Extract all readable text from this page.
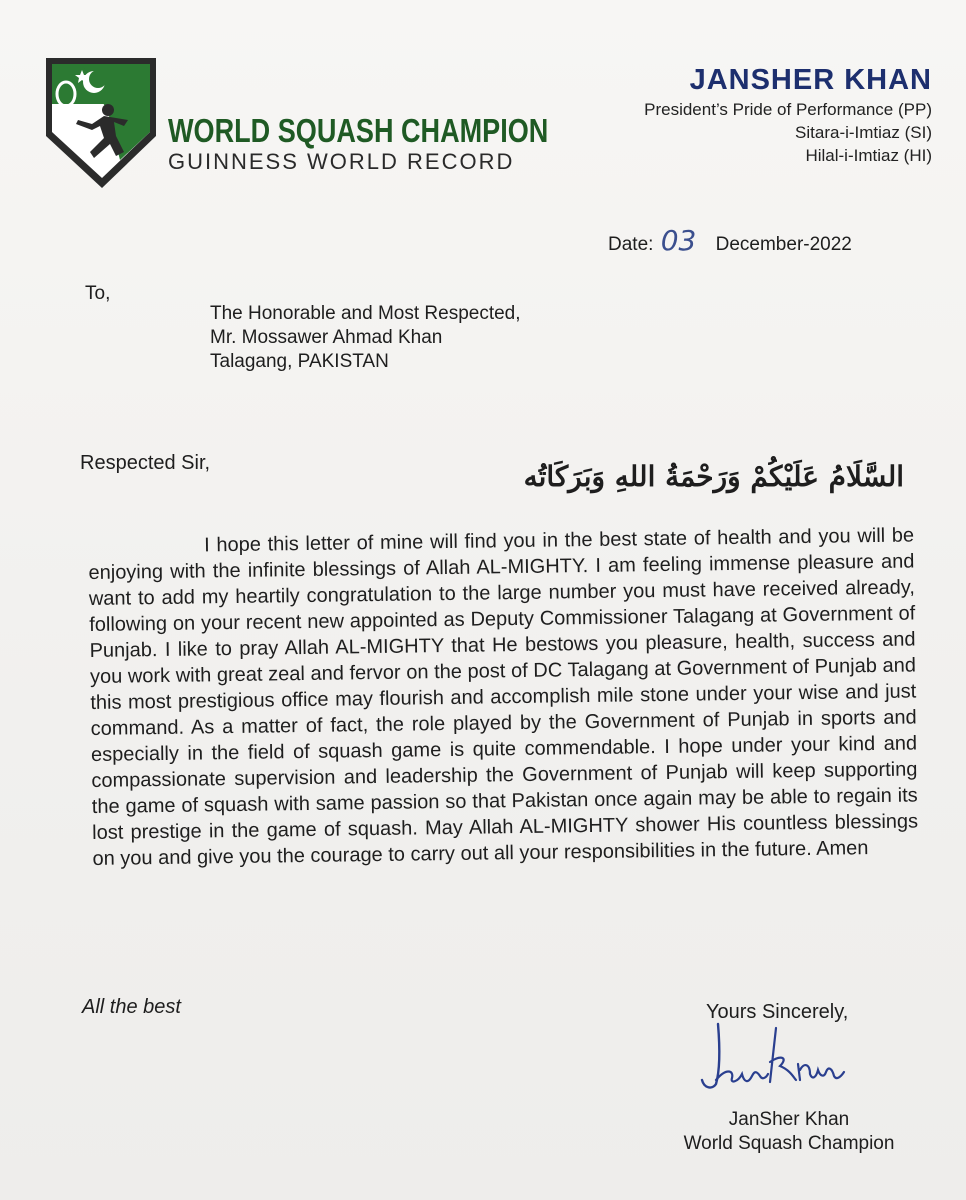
WORLD SQUASH CHAMPION
GUINNESS WORLD RECORD
JANSHER KHAN
President’s Pride of Performance (PP)
Sitara-i-Imtiaz (SI)
Hilal-i-Imtiaz (HI)
Date: 03 December-2022
To,
The Honorable and Most Respected,
Mr. Mossawer Ahmad Khan
Talagang, PAKISTAN
Respected Sir,	السَّلَامُ عَلَيْكُمْ وَرَحْمَةُ اللهِ وَبَرَكَاتُه
I hope this letter of mine will find you in the best state of health and you will be enjoying with the infinite blessings of Allah AL-MIGHTY. I am feeling immense pleasure and want to add my heartily congratulation to the large number you must have received already, following on your recent new appointed as Deputy Commissioner Talagang at Government of Punjab. I like to pray Allah AL-MIGHTY that He bestows you pleasure, health, success and you work with great zeal and fervor on the post of DC Talagang at Government of Punjab and this most prestigious office may flourish and accomplish mile stone under your wise and just command. As a matter of fact, the role played by the Government of Punjab in sports and especially in the field of squash game is quite commendable. I hope under your kind and compassionate supervision and leadership the Government of Punjab will keep supporting the game of squash with same passion so that Pakistan once again may be able to regain its lost prestige in the game of squash. May Allah AL-MIGHTY shower His countless blessings on you and give you the courage to carry out all your responsibilities in the future. Amen
All the best	Yours Sincerely,
JanSher Khan
World Squash Champion
